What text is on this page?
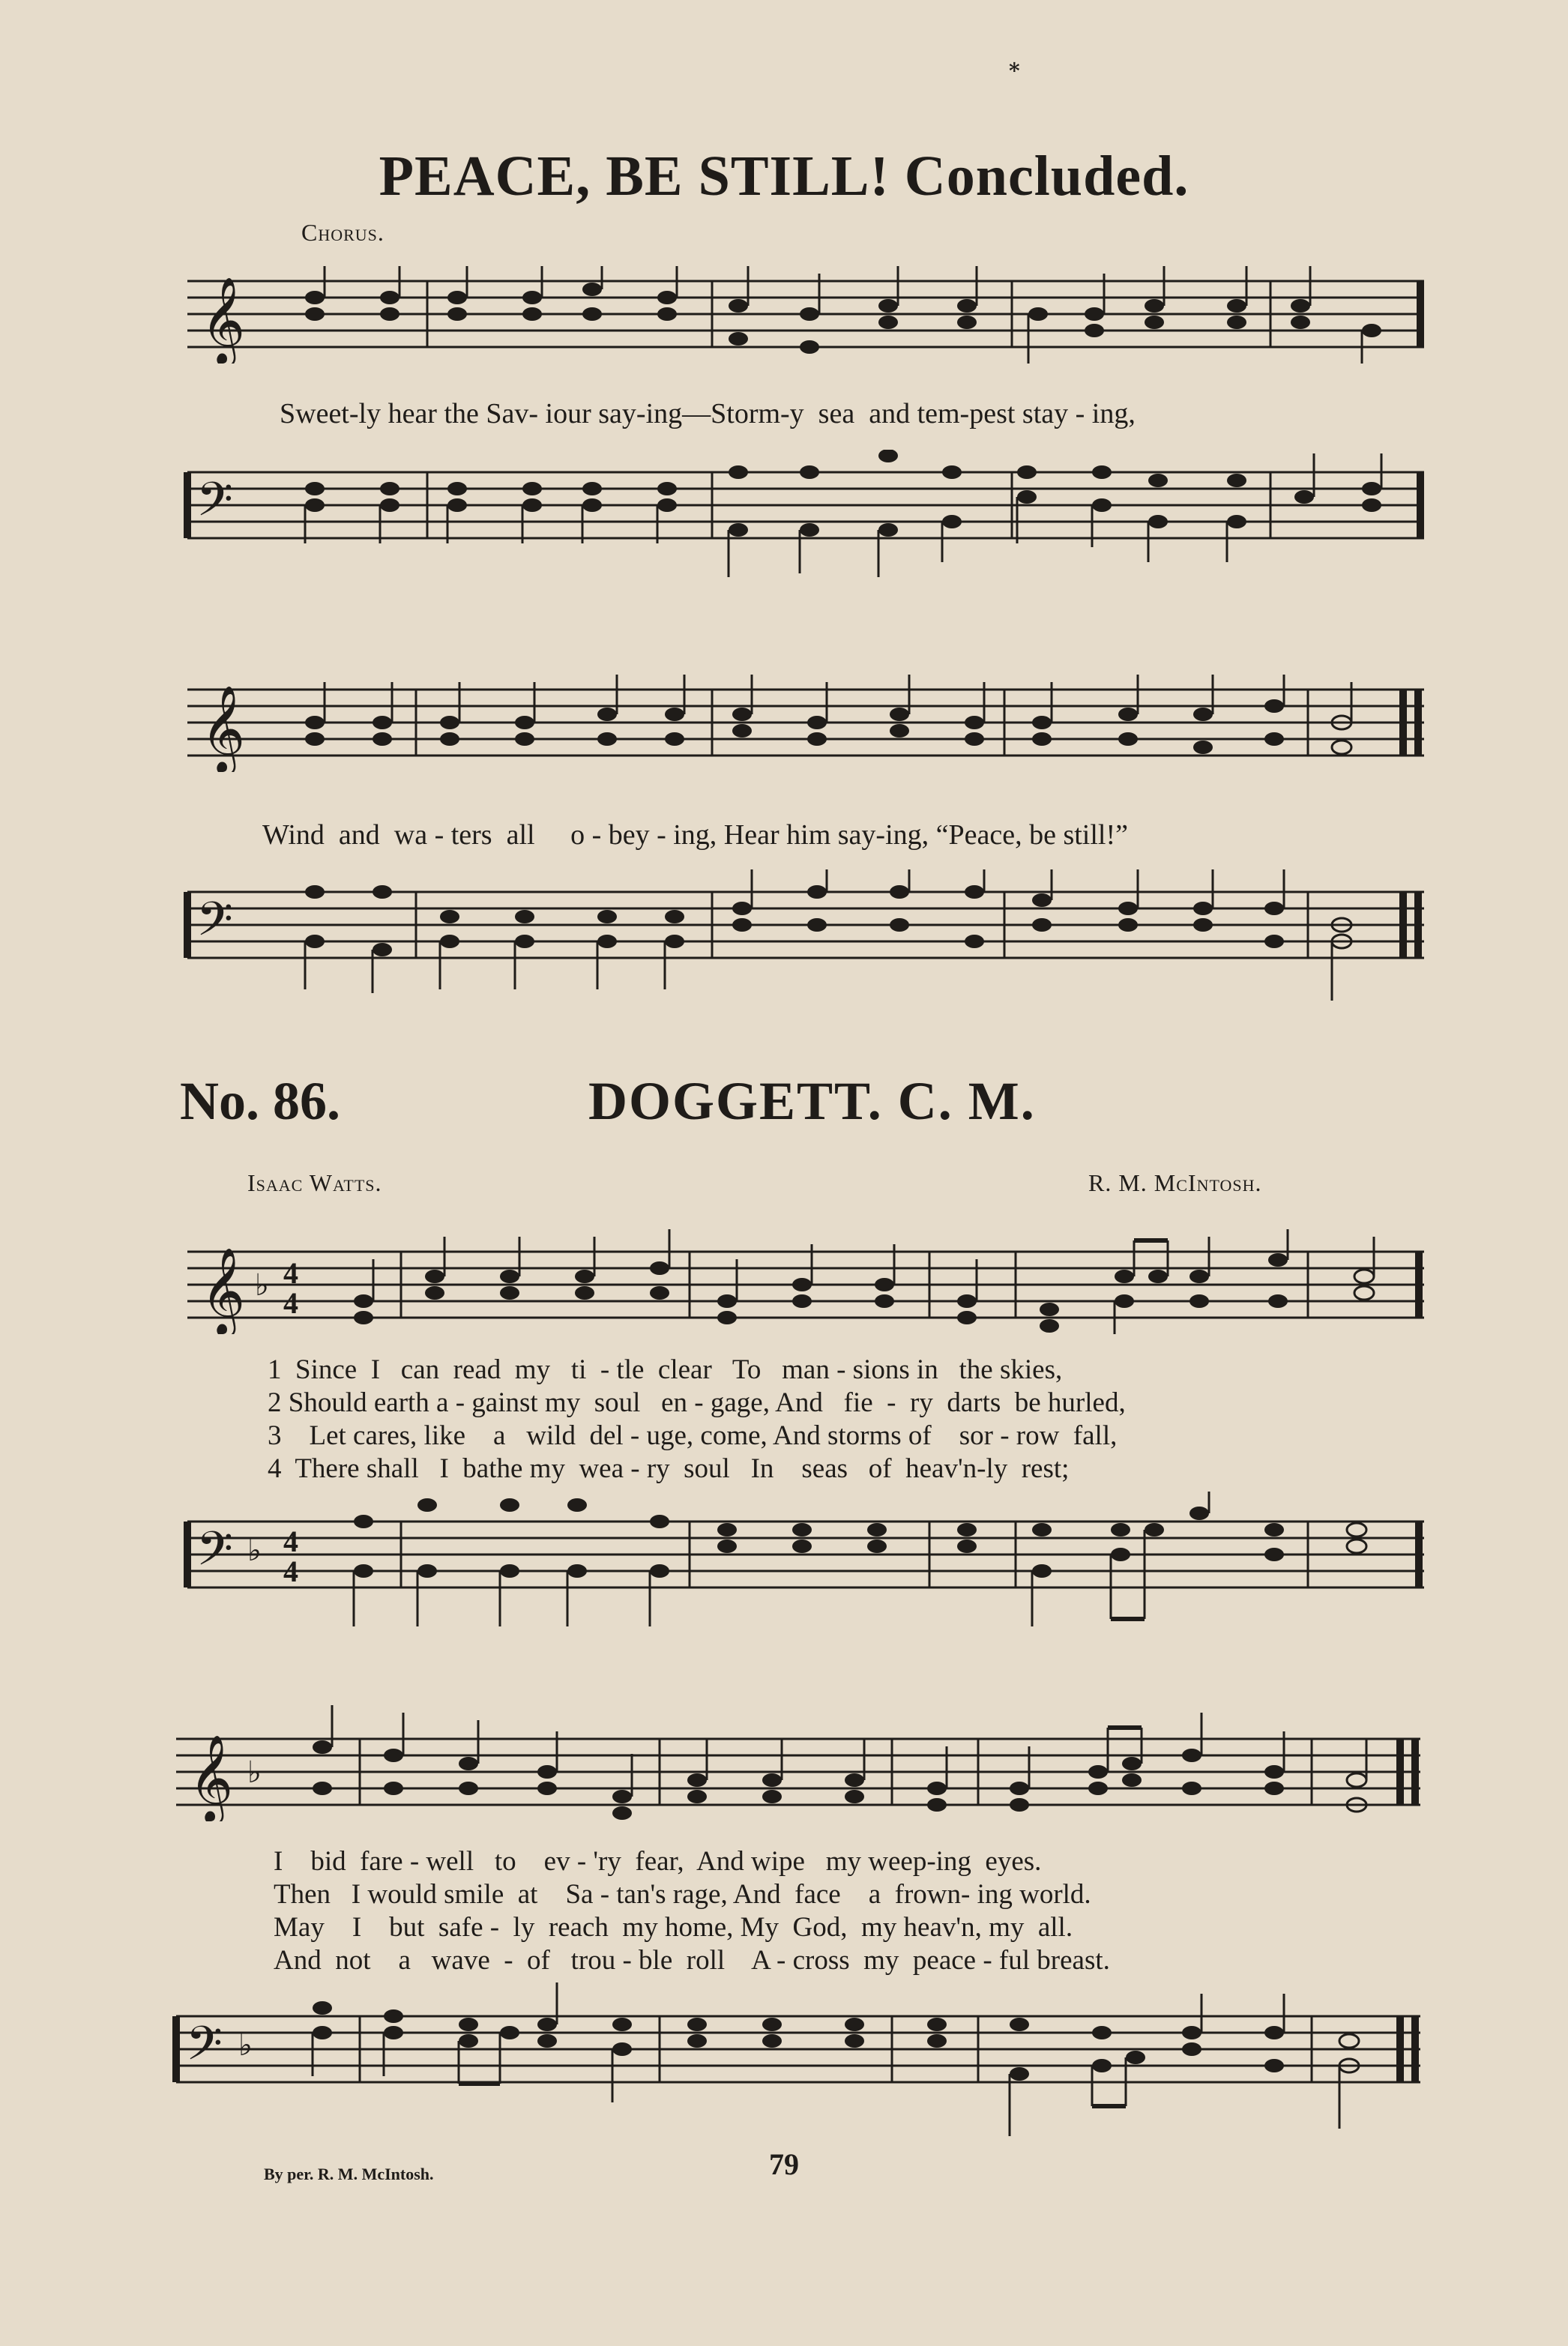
*
PEACE, BE STILL! Concluded.
Chorus.
𝄞
Sweet-ly hear the Sav- iour say-ing—Storm-y  sea  and tem-pest stay - ing,
𝄢
𝄞
Wind  and  wa - ters  all     o - bey - ing, Hear him say-ing, “Peace, be still!”
𝄢
No. 86.	DOGGETT. C. M.
Isaac Watts.	R. M. McIntosh.
𝄞 ♭ 4
4
1  Since  I   can  read  my   ti  - tle  clear   To   man - sions in   the skies,
2 Should earth a - gainst my  soul   en - gage, And   fie  -  ry  darts  be hurled,
3    Let cares, like    a   wild  del - uge, come, And storms of    sor - row  fall,
4  There shall   I  bathe my  wea - ry  soul   In    seas   of  heav'n-ly  rest;
𝄢 ♭ 4
4
𝄞 ♭
I    bid  fare - well   to    ev - 'ry  fear,  And wipe   my weep-ing  eyes.
Then   I would smile  at    Sa - tan's rage, And  face    a  frown- ing world.
May    I    but  safe -  ly  reach  my home, My  God,  my heav'n, my  all.
And  not    a   wave  -  of   trou - ble  roll    A - cross  my  peace - ful breast.
𝄢 ♭
By per. R. M. McIntosh.	79
